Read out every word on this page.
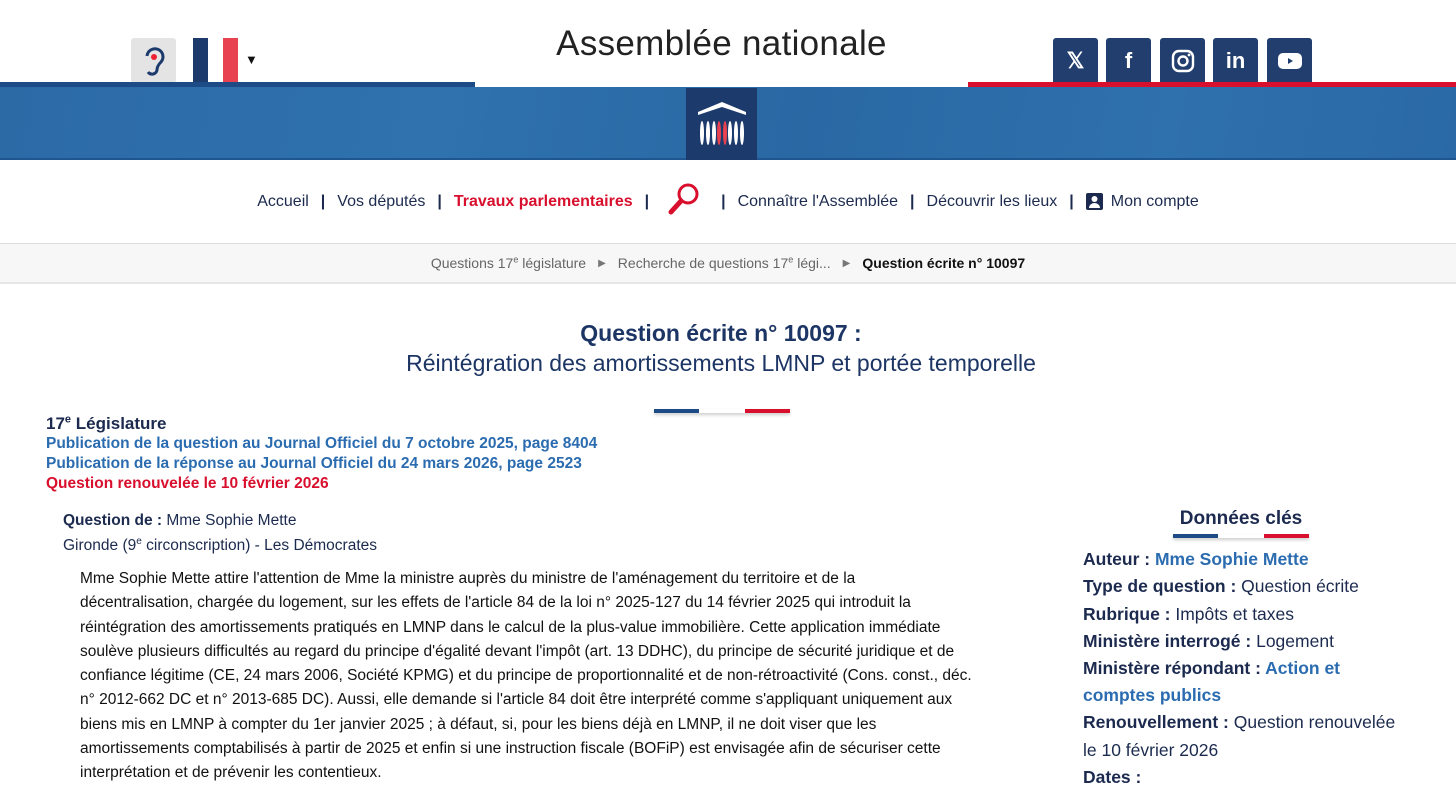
▼	Assemblée nationale	𝕏 f	in
Accueil | Vos députés | Travaux parlementaires |	| Connaître l'Assemblée | Découvrir les lieux | Mon compte
Questions 17e législature ▶ Recherche de questions 17e légi... ▶ Question écrite n° 10097
Question écrite n° 10097 :
Réintégration des amortissements LMNP et portée temporelle
17e Législature
Publication de la question au Journal Officiel du 7 octobre 2025, page 8404
Publication de la réponse au Journal Officiel du 24 mars 2026, page 2523
Question renouvelée le 10 février 2026
Question de : Mme Sophie Mette
Gironde (9e circonscription) - Les Démocrates
Mme Sophie Mette attire l'attention de Mme la ministre auprès du ministre de l'aménagement du territoire et de la
décentralisation, chargée du logement, sur les effets de l'article 84 de la loi n° 2025-127 du 14 février 2025 qui introduit la
réintégration des amortissements pratiqués en LMNP dans le calcul de la plus-value immobilière. Cette application immédiate
soulève plusieurs difficultés au regard du principe d'égalité devant l'impôt (art. 13 DDHC), du principe de sécurité juridique et de
confiance légitime (CE, 24 mars 2006, Société KPMG) et du principe de proportionnalité et de non-rétroactivité (Cons. const., déc.
n° 2012-662 DC et n° 2013-685 DC). Aussi, elle demande si l'article 84 doit être interprété comme s'appliquant uniquement aux
biens mis en LMNP à compter du 1er janvier 2025 ; à défaut, si, pour les biens déjà en LMNP, il ne doit viser que les
amortissements comptabilisés à partir de 2025 et enfin si une instruction fiscale (BOFiP) est envisagée afin de sécuriser cette
interprétation et de prévenir les contentieux.
Données clés
Auteur : Mme Sophie Mette
Type de question : Question écrite
Rubrique : Impôts et taxes
Ministère interrogé : Logement
Ministère répondant : Action et comptes publics
Renouvellement : Question renouvelée le 10 février 2026
Dates :
